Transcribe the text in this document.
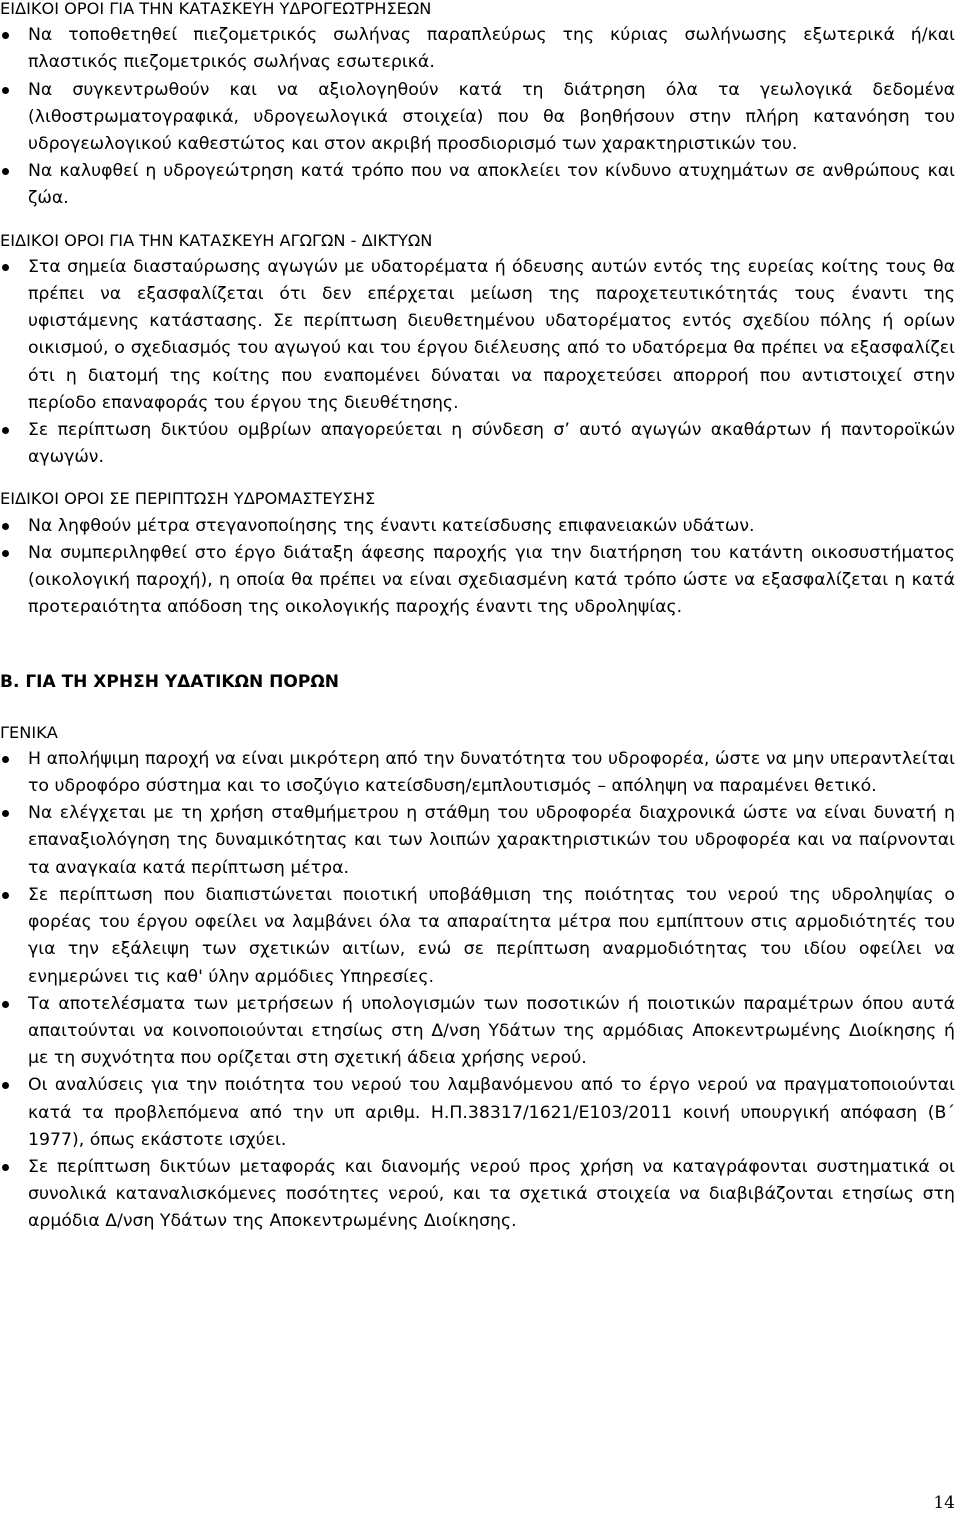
ΕΙΔΙΚΟΙ ΟΡΟΙ ΓΙΑ ΤΗΝ ΚΑΤΑΣΚΕΥΗ ΥΔΡΟΓΕΩΤΡΗΣΕΩΝ

Να τοποθετηθεί πιεζομετρικός σωλήνας παραπλεύρως της κύριας σωλήνωσης εξωτερικά ή/και πλαστικός πιεζομετρικός σωλήνας εσωτερικά.
Να συγκεντρωθούν και να αξιολογηθούν κατά τη διάτρηση όλα τα γεωλογικά δεδομένα (λιθοστρωματογραφικά, υδρογεωλογικά στοιχεία) που θα βοηθήσουν στην πλήρη κατανόηση του υδρογεωλογικού καθεστώτος και στον ακριβή προσδιορισμό των χαρακτηριστικών του.
Να καλυφθεί η υδρογεώτρηση κατά τρόπο που να αποκλείει τον κίνδυνο ατυχημάτων σε ανθρώπους και ζώα.

ΕΙΔΙΚΟΙ ΟΡΟΙ ΓΙΑ ΤΗΝ ΚΑΤΑΣΚΕΥΗ ΑΓΩΓΩΝ - ΔΙΚΤΥΩΝ

Στα σημεία διασταύρωσης αγωγών με υδατορέματα ή όδευσης αυτών εντός της ευρείας κοίτης τους θα πρέπει να εξασφαλίζεται ότι δεν επέρχεται μείωση της παροχετευτικότητάς τους έναντι της υφιστάμενης κατάστασης. Σε περίπτωση διευθετημένου υδατορέματος εντός σχεδίου πόλης ή ορίων οικισμού, ο σχεδιασμός του αγωγού και του έργου διέλευσης από το υδατόρεμα θα πρέπει να εξασφαλίζει ότι η διατομή της κοίτης που εναπομένει δύναται να παροχετεύσει απορροή που αντιστοιχεί στην περίοδο επαναφοράς του έργου της διευθέτησης.
Σε περίπτωση δικτύου ομβρίων απαγορεύεται η σύνδεση σ’ αυτό αγωγών ακαθάρτων ή παντοροϊκών αγωγών.

ΕΙΔΙΚΟΙ ΟΡΟΙ ΣΕ ΠΕΡΙΠΤΩΣΗ ΥΔΡΟΜΑΣΤΕΥΣΗΣ

Να ληφθούν μέτρα στεγανοποίησης της έναντι κατείσδυσης επιφανειακών υδάτων.
Να συμπεριληφθεί στο έργο διάταξη άφεσης παροχής για την διατήρηση του κατάντη οικοσυστήματος (οικολογική παροχή), η οποία θα πρέπει να είναι σχεδιασμένη κατά τρόπο ώστε να εξασφαλίζεται η κατά προτεραιότητα απόδοση της οικολογικής παροχής έναντι της υδροληψίας.

Β. ΓΙΑ ΤΗ ΧΡΗΣΗ ΥΔΑΤΙΚΩΝ ΠΟΡΩΝ

ΓΕΝΙΚΑ

Η απολήψιμη παροχή να είναι μικρότερη από την δυνατότητα του υδροφορέα, ώστε να μην υπεραντλείται το υδροφόρο σύστημα και το ισοζύγιο κατείσδυση/εμπλουτισμός – απόληψη να παραμένει θετικό.
Να ελέγχεται με τη χρήση σταθμήμετρου η στάθμη του υδροφορέα διαχρονικά ώστε να είναι δυνατή η επαναξιολόγηση της δυναμικότητας και των λοιπών χαρακτηριστικών του υδροφορέα και να παίρνονται τα αναγκαία κατά περίπτωση μέτρα.
Σε περίπτωση που διαπιστώνεται ποιοτική υποβάθμιση της ποιότητας του νερού της υδροληψίας ο φορέας του έργου οφείλει να λαμβάνει όλα τα απαραίτητα μέτρα που εμπίπτουν στις αρμοδιότητές του για την εξάλειψη των σχετικών αιτίων, ενώ σε περίπτωση αναρμοδιότητας του ιδίου οφείλει να ενημερώνει τις καθ' ύλην αρμόδιες Υπηρεσίες.
Τα αποτελέσματα των μετρήσεων ή υπολογισμών των ποσοτικών ή ποιοτικών παραμέτρων όπου αυτά απαιτούνται να κοινοποιούνται ετησίως στη Δ/νση Υδάτων της αρμόδιας Αποκεντρωμένης Διοίκησης ή με τη συχνότητα που ορίζεται στη σχετική άδεια χρήσης νερού.
Οι αναλύσεις για την ποιότητα του νερού του λαμβανόμενου από το έργο νερού να πραγματοποιούνται κατά τα προβλεπόμενα από την υπ αριθμ. Η.Π.38317/1621/Ε103/2011 κοινή υπουργική απόφαση (Β΄ 1977), όπως εκάστοτε ισχύει.
Σε περίπτωση δικτύων μεταφοράς και διανομής νερού προς χρήση να καταγράφονται συστηματικά οι συνολικά καταναλισκόμενες ποσότητες νερού, και τα σχετικά στοιχεία να διαβιβάζονται ετησίως στη αρμόδια Δ/νση Υδάτων της Αποκεντρωμένης Διοίκησης.
14
